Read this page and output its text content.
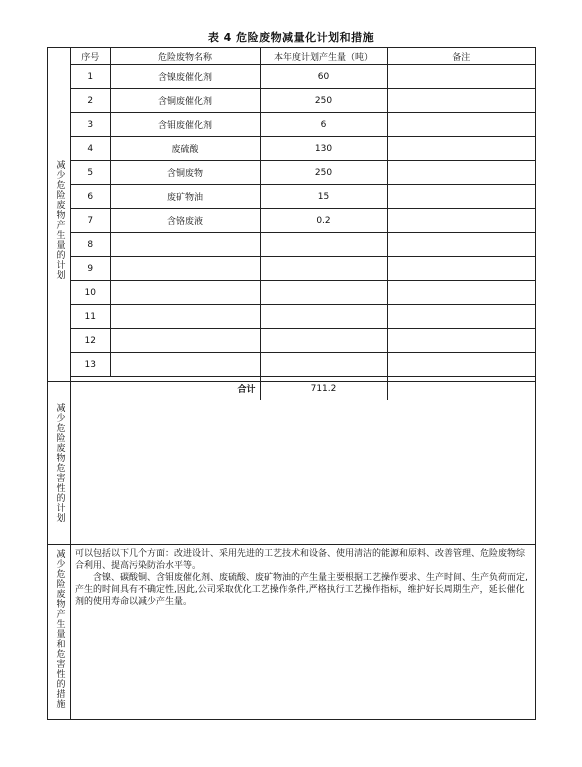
表 4 危险废物减量化计划和措施
减少危险废物产生量的计划
序号	危险废物名称	本年度计划产生量（吨）	备注
1	含镍废催化剂	60	
2	含铜废催化剂	250	
3	含钼废催化剂	6	
4	废硫酸	130	
5	含铜废物	250	
6	废矿物油	15	
7	含铬废液	0.2	
8			
9			
10			
11			
12			
13			
合计		711.2	
减少危险废物危害性的计划
减少危险废物产生量和危害性的措施 可以包括以下几个方面：改进设计、采用先进的工艺技术和设备、使用清洁的能源和原料、改善管理、危险废物综合利用、提高污染防治水平等。

含镍、碳酸铜、含钼废催化剂、废硫酸、废矿物油的产生量主要根据工艺操作要求、生产时间、生产负荷而定,产生的时间具有不确定性,因此,公司采取优化工艺操作条件,严格执行工艺操作指标，维护好长周期生产，延长催化剂的使用寿命以减少产生量。
